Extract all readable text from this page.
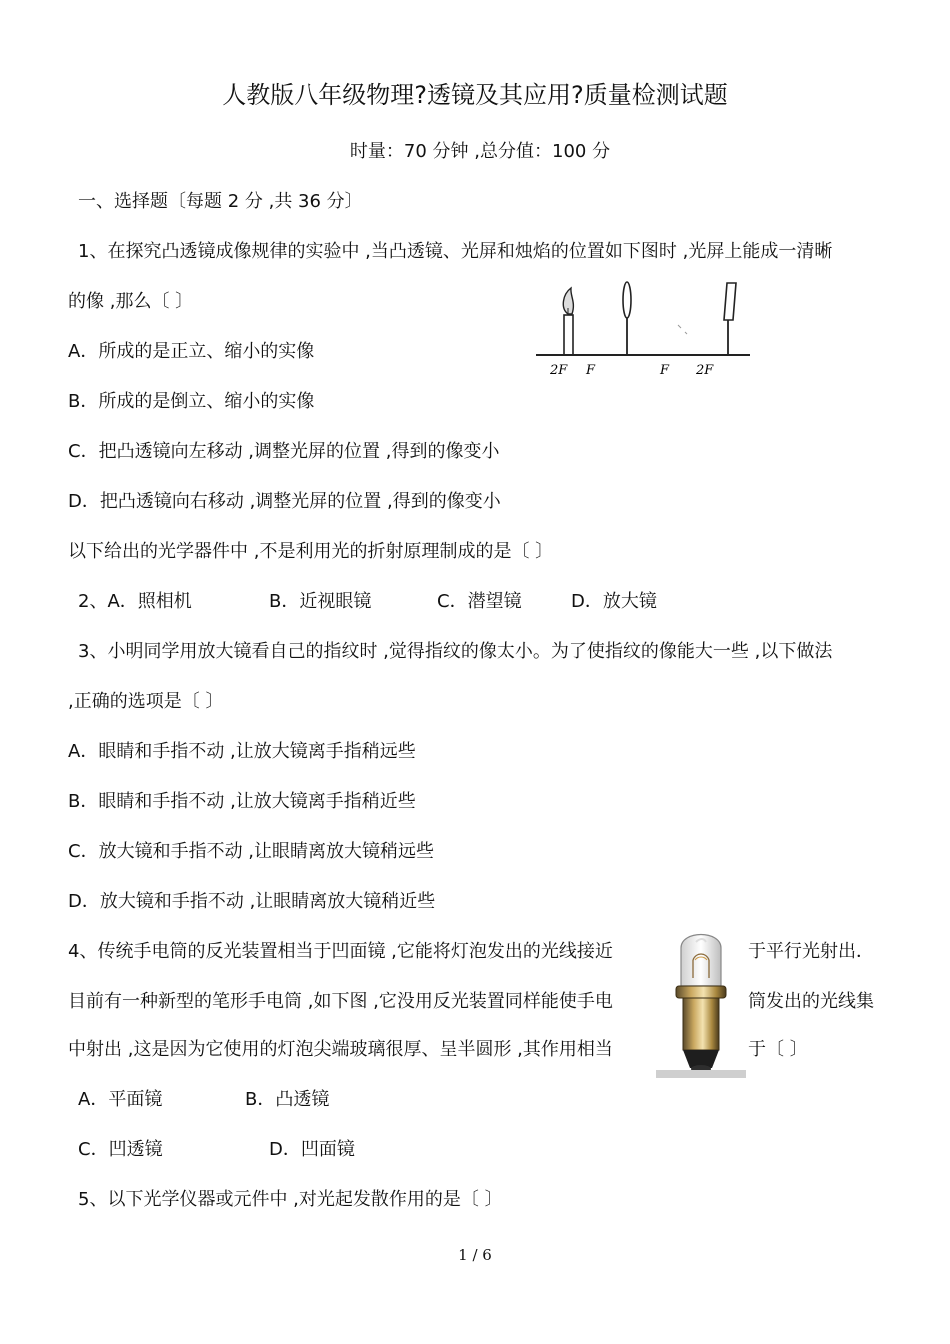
人教版八年级物理?透镜及其应用?质量检测试题
时量：70 分钟 ,总分值：100 分
一、选择题〔每题 2 分 ,共 36 分〕
1、在探究凸透镜成像规律的实验中 ,当凸透镜、光屏和烛焰的位置如下图时 ,光屏上能成一清晰
的像 ,那么〔 〕
A．所成的是正立、缩小的实像
B．所成的是倒立、缩小的实像
C．把凸透镜向左移动 ,调整光屏的位置 ,得到的像变小
D．把凸透镜向右移动 ,调整光屏的位置 ,得到的像变小
2F F	F 2F
以下给出的光学器件中 ,不是利用光的折射原理制成的是〔 〕
2、A．照相机	B．近视眼镜	C．潜望镜	D．放大镜
3、小明同学用放大镜看自己的指纹时 ,觉得指纹的像太小。为了使指纹的像能大一些 ,以下做法
,正确的选项是〔 〕
A．眼睛和手指不动 ,让放大镜离手指稍远些
B．眼睛和手指不动 ,让放大镜离手指稍近些
C．放大镜和手指不动 ,让眼睛离放大镜稍远些
D．放大镜和手指不动 ,让眼睛离放大镜稍近些
4、传统手电筒的反光装置相当于凹面镜 ,它能将灯泡发出的光线接近	于平行光射出．
目前有一种新型的笔形手电筒 ,如下图 ,它没用反光装置同样能使手电	筒发出的光线集
中射出 ,这是因为它使用的灯泡尖端玻璃很厚、呈半圆形 ,其作用相当	于〔 〕
A．平面镜	B．凸透镜
C．凹透镜	D．凹面镜
5、以下光学仪器或元件中 ,对光起发散作用的是〔 〕
1 / 6
